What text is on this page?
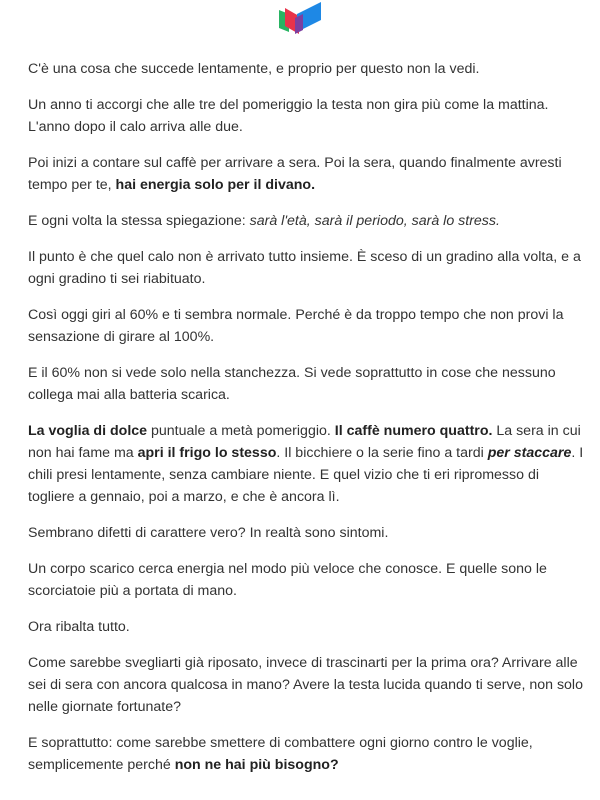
C'è una cosa che succede lentamente, e proprio per questo non la vedi.

Un anno ti accorgi che alle tre del pomeriggio la testa non gira più come la mattina. L'anno dopo il calo arriva alle due.

Poi inizi a contare sul caffè per arrivare a sera. Poi la sera, quando finalmente avresti tempo per te, hai energia solo per il divano.

E ogni volta la stessa spiegazione: sarà l'età, sarà il periodo, sarà lo stress.

Il punto è che quel calo non è arrivato tutto insieme. È sceso di un gradino alla volta, e a ogni gradino ti sei riabituato.

Così oggi giri al 60% e ti sembra normale. Perché è da troppo tempo che non provi la sensazione di girare al 100%.

E il 60% non si vede solo nella stanchezza. Si vede soprattutto in cose che nessuno collega mai alla batteria scarica.

La voglia di dolce puntuale a metà pomeriggio. Il caffè numero quattro. La sera in cui non hai fame ma apri il frigo lo stesso. Il bicchiere o la serie fino a tardi per staccare. I chili presi lentamente, senza cambiare niente. E quel vizio che ti eri ripromesso di togliere a gennaio, poi a marzo, e che è ancora lì.

Sembrano difetti di carattere vero? In realtà sono sintomi.

Un corpo scarico cerca energia nel modo più veloce che conosce. E quelle sono le scorciatoie più a portata di mano.

Ora ribalta tutto.

Come sarebbe svegliarti già riposato, invece di trascinarti per la prima ora? Arrivare alle sei di sera con ancora qualcosa in mano? Avere la testa lucida quando ti serve, non solo nelle giornate fortunate?

E soprattutto: come sarebbe smettere di combattere ogni giorno contro le voglie, semplicemente perché non ne hai più bisogno?
